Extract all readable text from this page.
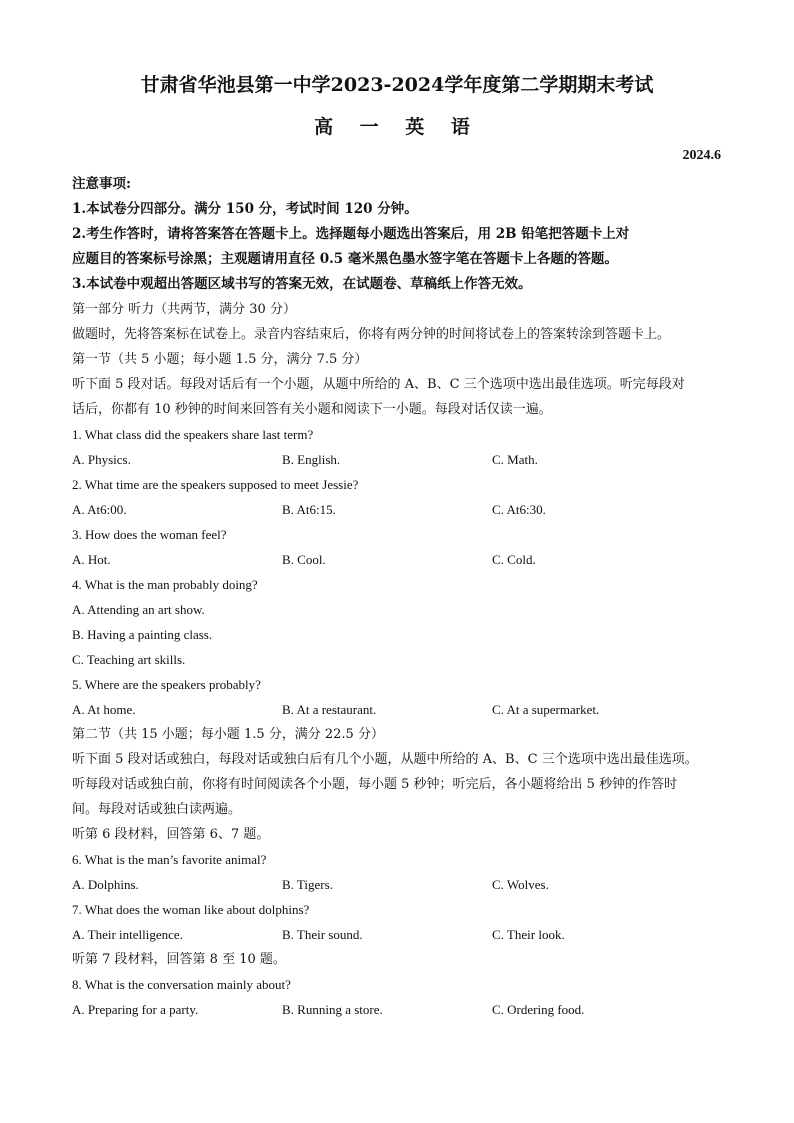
甘肃省华池县第一中学2023-2024学年度第二学期期末考试
高 一 英 语
2024.6
注意事项:
1.本试卷分四部分。满分 150 分，考试时间 120 分钟。
2.考生作答时，请将答案答在答题卡上。选择题每小题选出答案后，用 2B 铅笔把答题卡上对
应题目的答案标号涂黑；主观题请用直径 0.5 毫米黑色墨水签字笔在答题卡上各题的答题。
3.本试卷中观超出答题区域书写的答案无效，在试题卷、草稿纸上作答无效。
第一部分 听力（共两节，满分 30 分）
做题时，先将答案标在试卷上。录音内容结束后，你将有两分钟的时间将试卷上的答案转涂到答题卡上。
第一节（共 5 小题；每小题 1.5 分，满分 7.5 分）
听下面 5 段对话。每段对话后有一个小题，从题中所给的 A、B、C 三个选项中选出最佳选项。听完每段对
话后，你都有 10 秒钟的时间来回答有关小题和阅读下一小题。每段对话仅读一遍。
1. What class did the speakers share last term?
A. Physics.	B. English.	C. Math.
2. What time are the speakers supposed to meet Jessie?
A. At6:00.	B. At6:15.	C. At6:30.
3. How does the woman feel?
A. Hot.	B. Cool.	C. Cold.
4. What is the man probably doing?
A. Attending an art show.
B. Having a painting class.
C. Teaching art skills.
5. Where are the speakers probably?
A. At home.	B. At a restaurant.	C. At a supermarket.
第二节（共 15 小题；每小题 1.5 分，满分 22.5 分）
听下面 5 段对话或独白，每段对话或独白后有几个小题，从题中所给的 A、B、C 三个选项中选出最佳选项。
听每段对话或独白前，你将有时间阅读各个小题，每小题 5 秒钟；听完后，各小题将给出 5 秒钟的作答时
间。每段对话或独白读两遍。
听第 6 段材料，回答第 6、7 题。
6. What is the man’s favorite animal?
A. Dolphins.	B. Tigers.	C. Wolves.
7. What does the woman like about dolphins?
A. Their intelligence.	B. Their sound.	C. Their look.
听第 7 段材料，回答第 8 至 10 题。
8. What is the conversation mainly about?
A. Preparing for a party.	B. Running a store.	C. Ordering food.
